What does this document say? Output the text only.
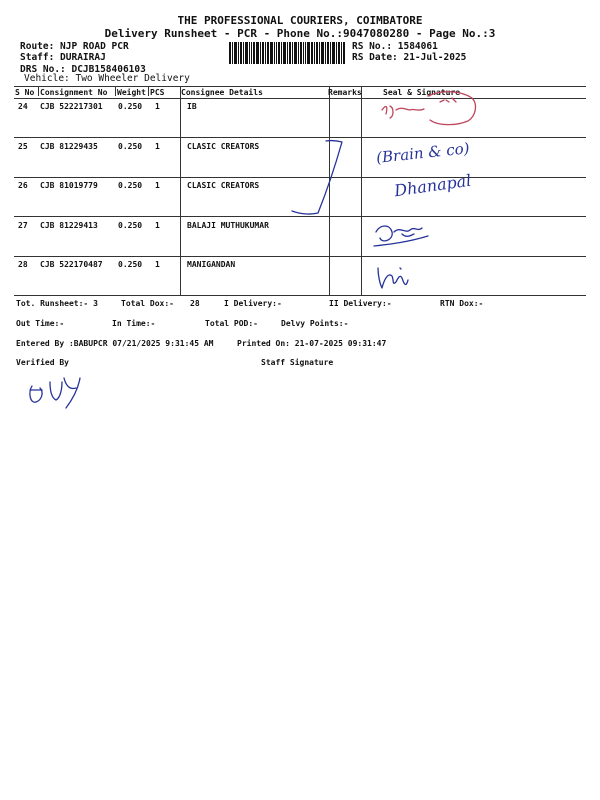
THE PROFESSIONAL COURIERS, COIMBATORE
Delivery Runsheet - PCR - Phone No.:9047080280 - Page No.:3
Route: NJP ROAD PCR
Staff: DURAIRAJ
DRS No.: DCJB158406103
Vehicle: Two Wheeler Delivery
RS No.: 1584061
RS Date: 21-Jul-2025
S No Consignment No Weight PCS Consignee Details	Remarks	Seal & Signature
24 CJB 522217301 0.250 1	IB
25 CJB 81229435	0.250 1	CLASIC CREATORS
26 CJB 81019779	0.250 1	CLASIC CREATORS
27 CJB 81229413	0.250 1	BALAJI MUTHUKUMAR
28 CJB 522170487 0.250 1	MANIGANDAN
(Brain & co)
Dhanapal
Tot. Runsheet:- 3	Total Dox:- 28	I Delivery:-	II Delivery:-	RTN Dox:-
Out Time:-	In Time:-	Total POD:-	Delvy Points:-
Entered By :BABUPCR 07/21/2025 9:31:45 AM	Printed On: 21-07-2025 09:31:47
Verified By	Staff Signature
